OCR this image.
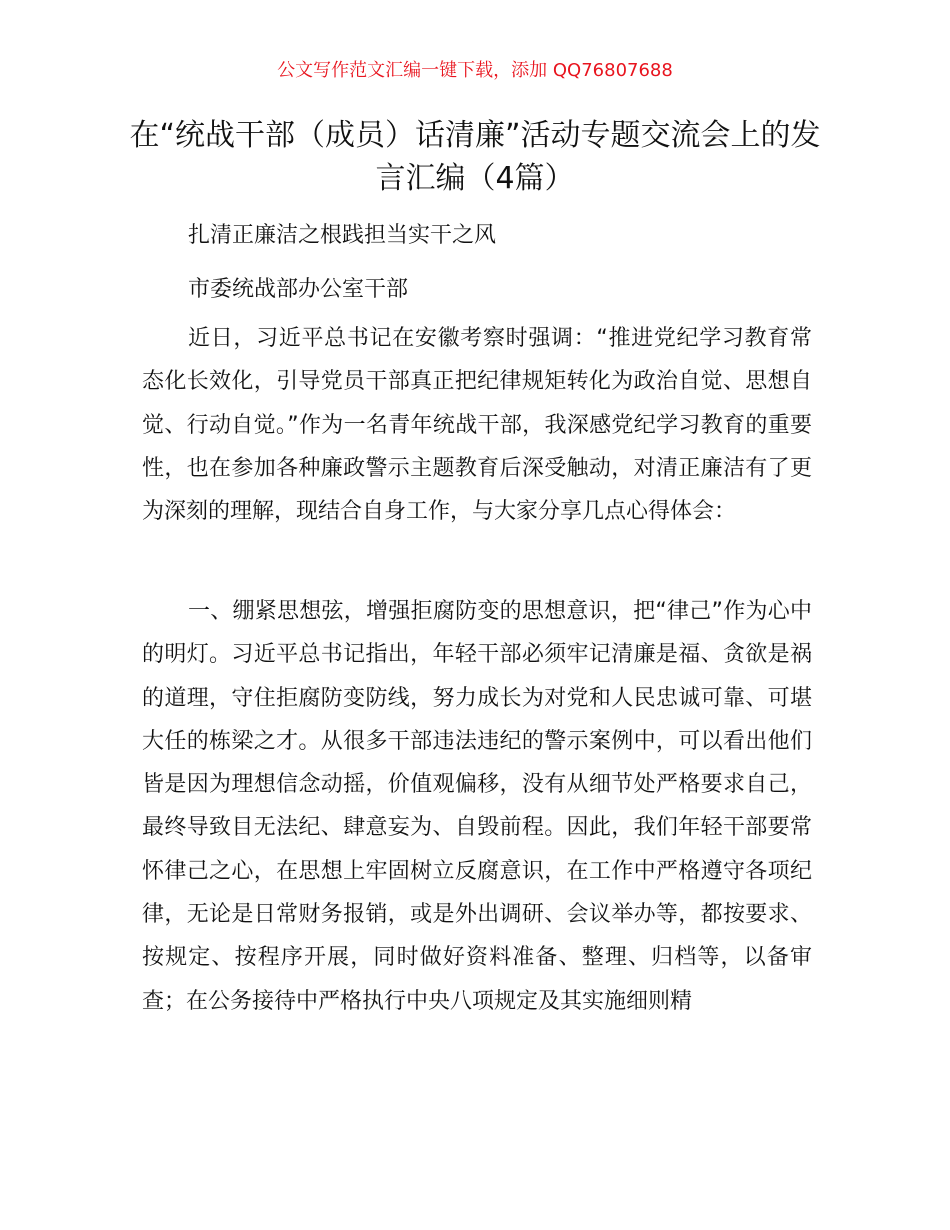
公文写作范文汇编一键下载，添加 QQ76807688
在“统战干部（成员）话清廉”活动专题交流会上的发言汇编（4篇）

扎清正廉洁之根践担当实干之风

市委统战部办公室干部

近日，习近平总书记在安徽考察时强调：“推进党纪学习教育常态化长效化，引导党员干部真正把纪律规矩转化为政治自觉、思想自觉、行动自觉。”作为一名青年统战干部，我深感党纪学习教育的重要性，也在参加各种廉政警示主题教育后深受触动，对清正廉洁有了更为深刻的理解，现结合自身工作，与大家分享几点心得体会：

一、绷紧思想弦，增强拒腐防变的思想意识，把“律己”作为心中的明灯。习近平总书记指出，年轻干部必须牢记清廉是福、贪欲是祸的道理，守住拒腐防变防线，努力成长为对党和人民忠诚可靠、可堪大任的栋梁之才。从很多干部违法违纪的警示案例中，可以看出他们皆是因为理想信念动摇，价值观偏移，没有从细节处严格要求自己，最终导致目无法纪、肆意妄为、自毁前程。因此，我们年轻干部要常怀律己之心，在思想上牢固树立反腐意识，在工作中严格遵守各项纪律，无论是日常财务报销，或是外出调研、会议举办等，都按要求、按规定、按程序开展，同时做好资料准备、整理、归档等，以备审查；在公务接待中严格执行中央八项规定及其实施细则精
